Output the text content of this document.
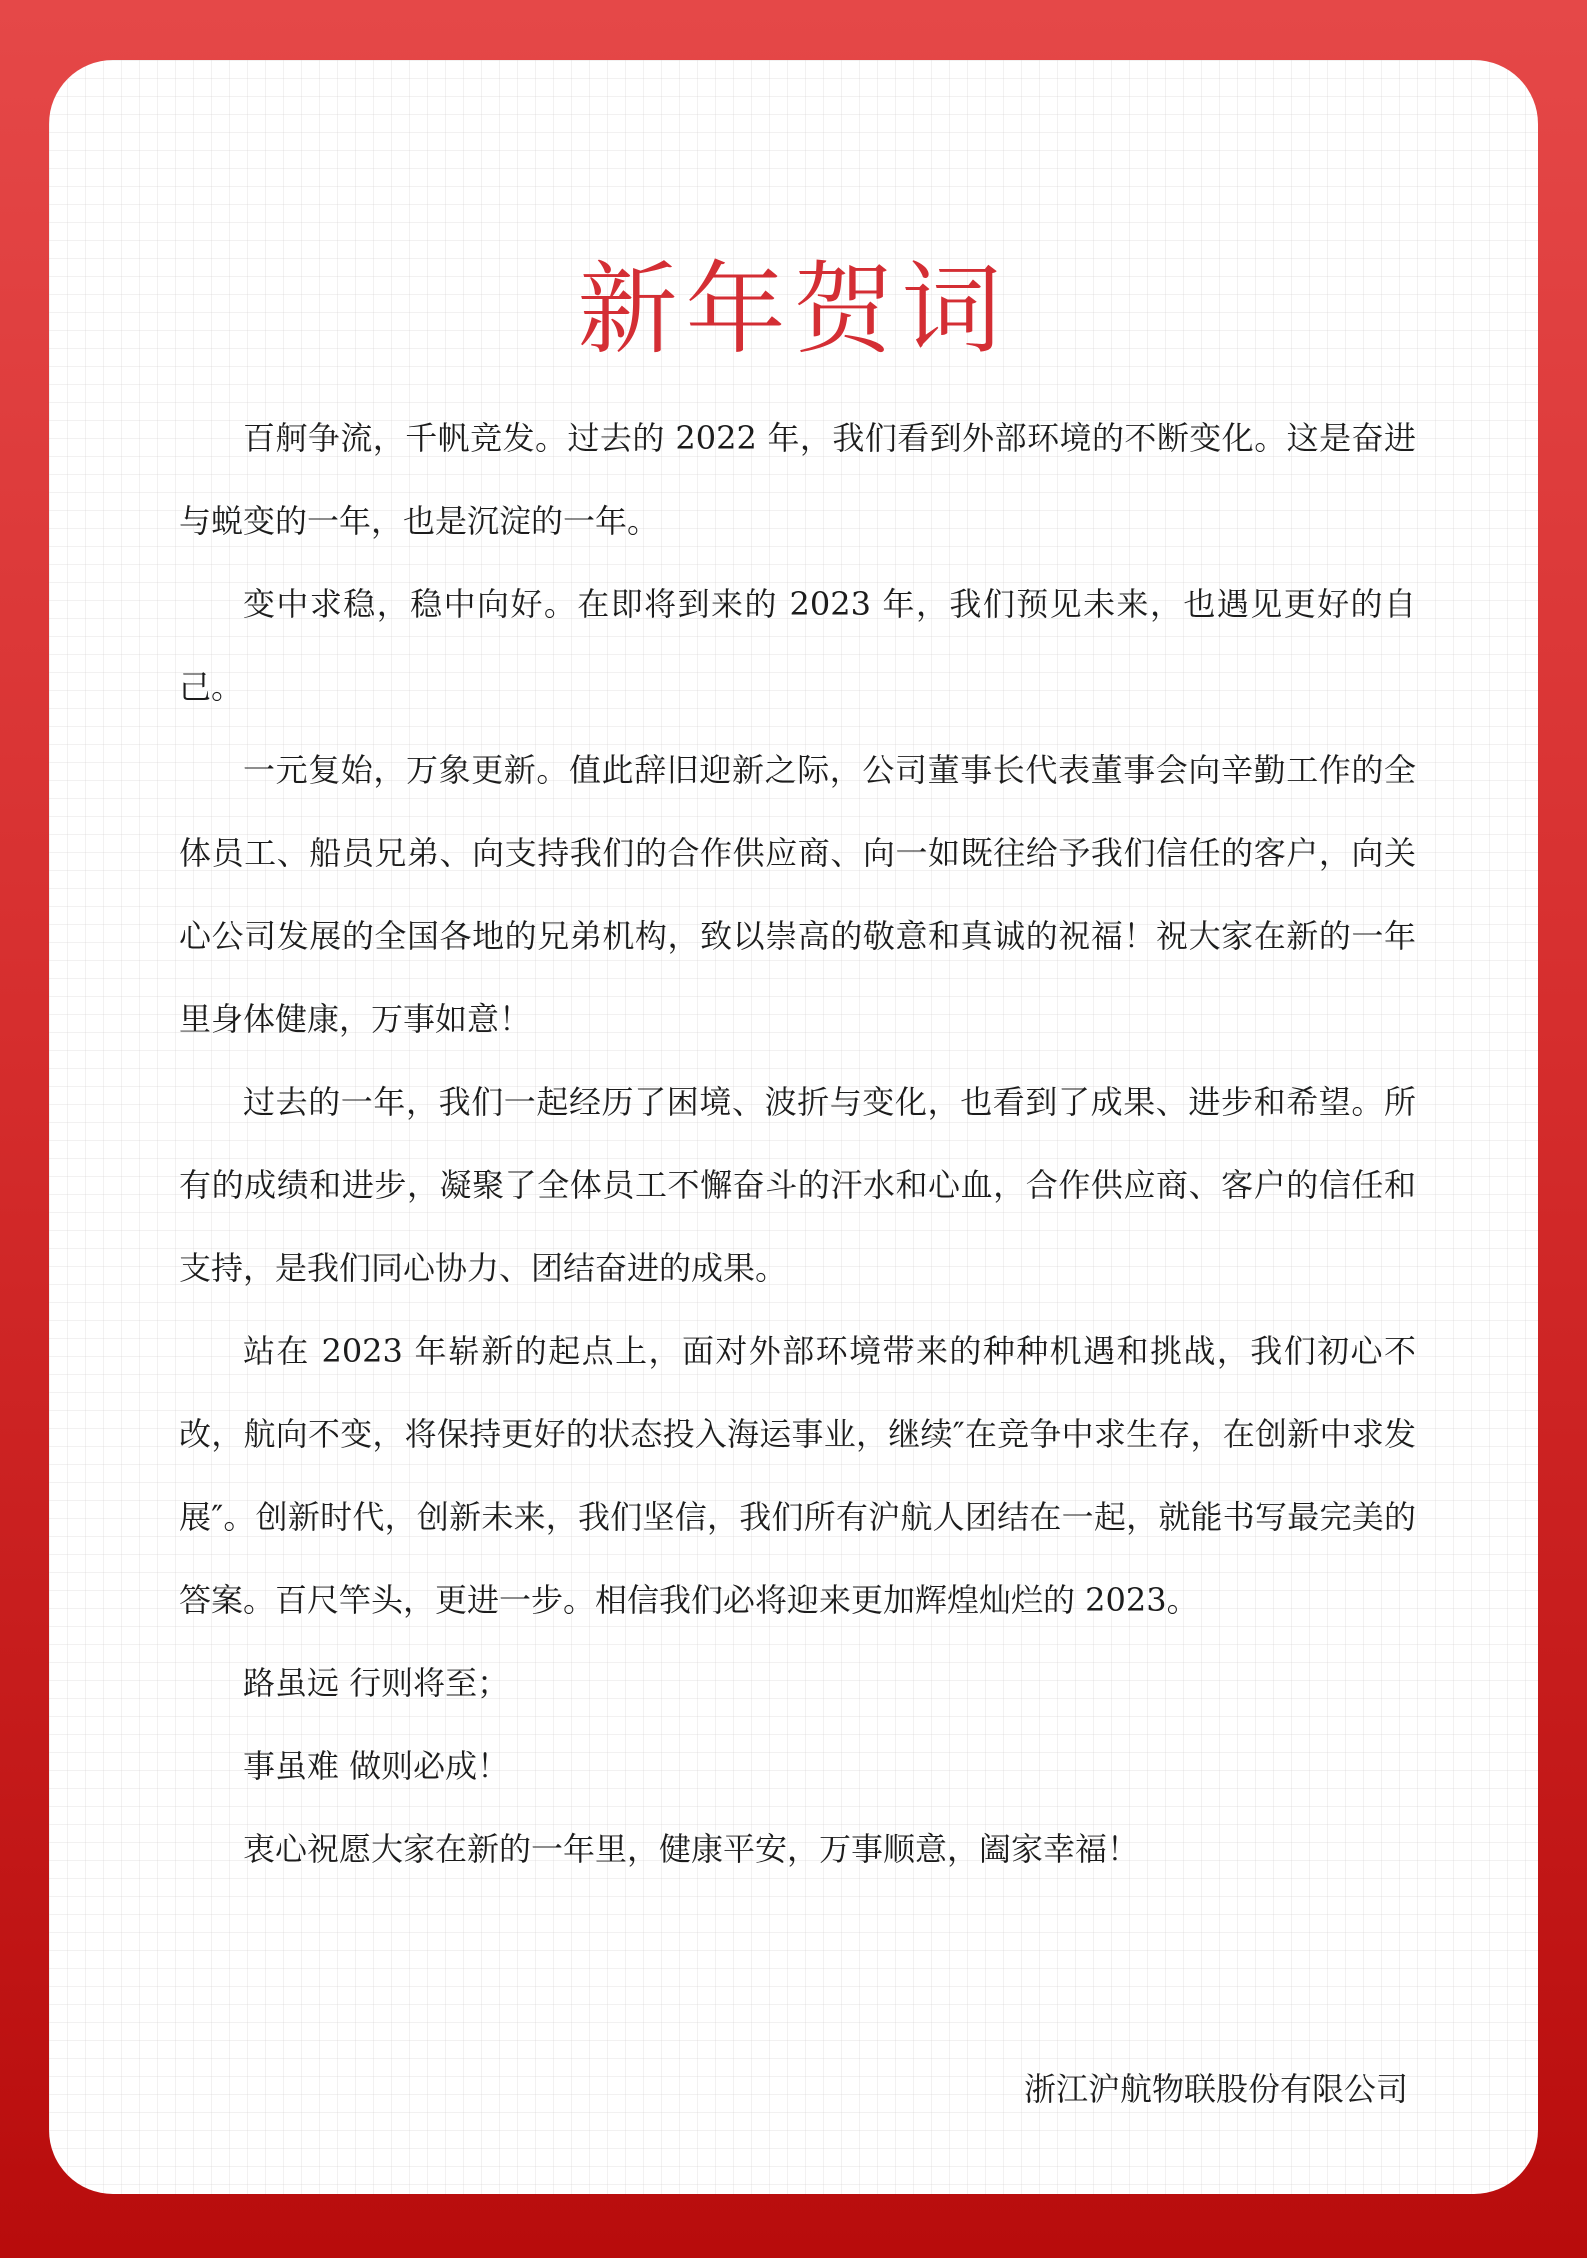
新年贺词

百舸争流，千帆竞发。过去的 2022 年，我们看到外部环境的不断变化。这是奋进与蜕变的一年，也是沉淀的一年。

变中求稳，稳中向好。在即将到来的 2023 年，我们预见未来，也遇见更好的自己。

一元复始，万象更新。值此辞旧迎新之际，公司董事长代表董事会向辛勤工作的全体员工、船员兄弟、向支持我们的合作供应商、向一如既往给予我们信任的客户，向关心公司发展的全国各地的兄弟机构，致以崇高的敬意和真诚的祝福！祝大家在新的一年里身体健康，万事如意！

过去的一年，我们一起经历了困境、波折与变化，也看到了成果、进步和希望。所有的成绩和进步，凝聚了全体员工不懈奋斗的汗水和心血，合作供应商、客户的信任和支持，是我们同心协力、团结奋进的成果。

站在 2023 年崭新的起点上，面对外部环境带来的种种机遇和挑战，我们初心不改，航向不变，将保持更好的状态投入海运事业，继续″在竞争中求生存，在创新中求发展″。创新时代，创新未来，我们坚信，我们所有沪航人团结在一起，就能书写最完美的答案。百尺竿头，更进一步。相信我们必将迎来更加辉煌灿烂的 2023。

路虽远 行则将至；

事虽难 做则必成！

衷心祝愿大家在新的一年里，健康平安，万事顺意，阖家幸福！

浙江沪航物联股份有限公司
